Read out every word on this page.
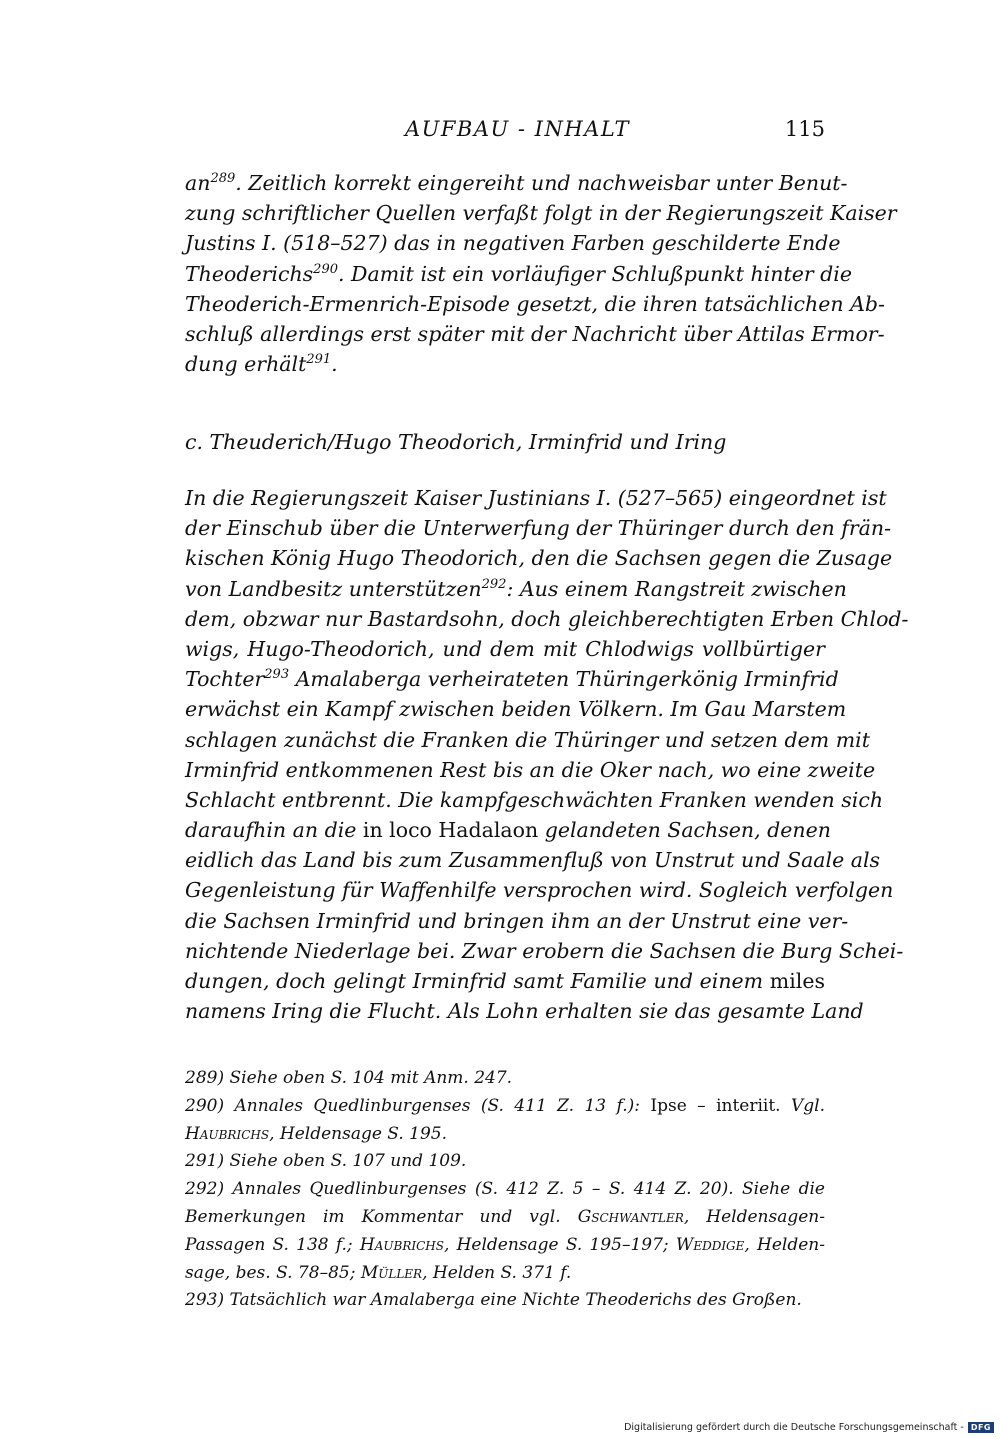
AUFBAU - INHALT	115
$an^{289}$. Zeitlich korrekt eingereiht und nachweisbar unter Benut-
zung schriftlicher Quellen verfaßt folgt in der Regierungszeit Kaiser
Justins I. (518–527) das in negativen Farben geschilderte Ende
Theoderichs$^{290}$. Damit ist ein vorläufiger Schlußpunkt hinter die
Theoderich-Ermenrich-Episode gesetzt, die ihren tatsächlichen Ab-
schluß allerdings erst später mit der Nachricht über Attilas Ermor-
dung erhält$^{291}$.
c. Theuderich/Hugo Theodorich, Irminfrid und Iring
In die Regierungszeit Kaiser Justinians I. (527–565) eingeordnet ist
der Einschub über die Unterwerfung der Thüringer durch den frän-
kischen König Hugo Theodorich, den die Sachsen gegen die Zusage
von Landbesitz unterstützen$^{292}$: Aus einem Rangstreit zwischen
dem, obzwar nur Bastardsohn, doch gleichberechtigten Erben Chlod-
wigs, Hugo-Theodorich, und dem mit Chlodwigs vollbürtiger
Tochter$^{293}$ Amalaberga verheirateten Thüringerkönig Irminfrid
erwächst ein Kampf zwischen beiden Völkern. Im Gau Marstem
schlagen zunächst die Franken die Thüringer und setzen dem mit
Irminfrid entkommenen Rest bis an die Oker nach, wo eine zweite
Schlacht entbrennt. Die kampfgeschwächten Franken wenden sich
daraufhin an die in loco Hadalaon gelandeten Sachsen, denen
eidlich das Land bis zum Zusammenfluß von Unstrut und Saale als
Gegenleistung für Waffenhilfe versprochen wird. Sogleich verfolgen
die Sachsen Irminfrid und bringen ihm an der Unstrut eine ver-
nichtende Niederlage bei. Zwar erobern die Sachsen die Burg Schei-
dungen, doch gelingt Irminfrid samt Familie und einem miles
namens Iring die Flucht. Als Lohn erhalten sie das gesamte Land
289) Siehe oben S. 104 mit Anm. 247.
290) Annales Quedlinburgenses (S. 411 Z. 13 f.): Ipse – interiit. Vgl.
Haubrichs, Heldensage S. 195.
291) Siehe oben S. 107 und 109.
292) Annales Quedlinburgenses (S. 412 Z. 5 – S. 414 Z. 20). Siehe die
Bemerkungen im Kommentar und vgl. Gschwantler, Heldensagen-
Passagen S. 138 f.; Haubrichs, Heldensage S. 195–197; Weddige, Helden-
sage, bes. S. 78–85; Müller, Helden S. 371 f.
293) Tatsächlich war Amalaberga eine Nichte Theoderichs des Großen.
Digitalisierung gefördert durch die Deutsche Forschungsgemeinschaft - DFG
